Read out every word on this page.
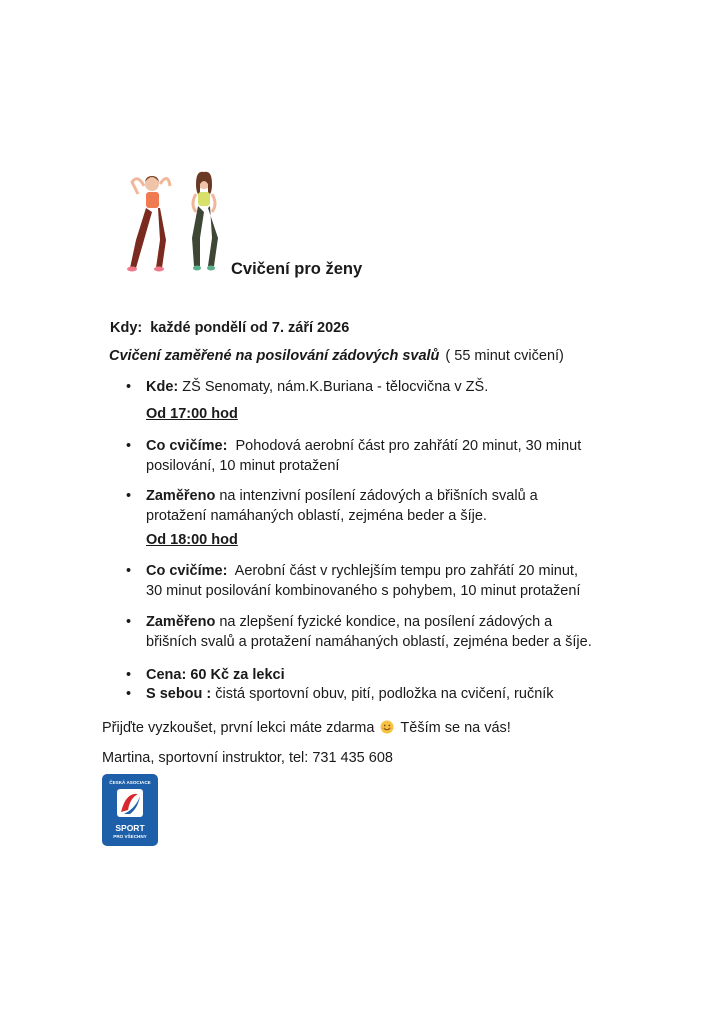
Cvičení pro ženy
Kdy: každé pondělí od 7. září 2026
Cvičení zaměřené na posilování zádových svalů ( 55 minut cvičení)
• Kde: ZŠ Senomaty, nám.K.Buriana - tělocvična v ZŠ.
Od 17:00 hod
• Co cvičíme: Pohodová aerobní část pro zahřátí 20 minut, 30 minut
posilování, 10 minut protažení
• Zaměřeno na intenzivní posílení zádových a břišních svalů a
protažení namáhaných oblastí, zejména beder a šíje.
Od 18:00 hod
• Co cvičíme: Aerobní část v rychlejším tempu pro zahřátí 20 minut,
30 minut posilování kombinovaného s pohybem, 10 minut protažení
• Zaměřeno na zlepšení fyzické kondice, na posílení zádových a
břišních svalů a protažení namáhaných oblastí, zejména beder a šíje.
• Cena: 60 Kč za lekci
• S sebou : čistá sportovní obuv, pití, podložka na cvičení, ručník
Přijďte vyzkoušet, první lekci máte zdarma Těším se na vás!
Martina, sportovní instruktor, tel: 731 435 608
ČESKÁ ASOCIACE
SPORT
PRO VŠECHNY
